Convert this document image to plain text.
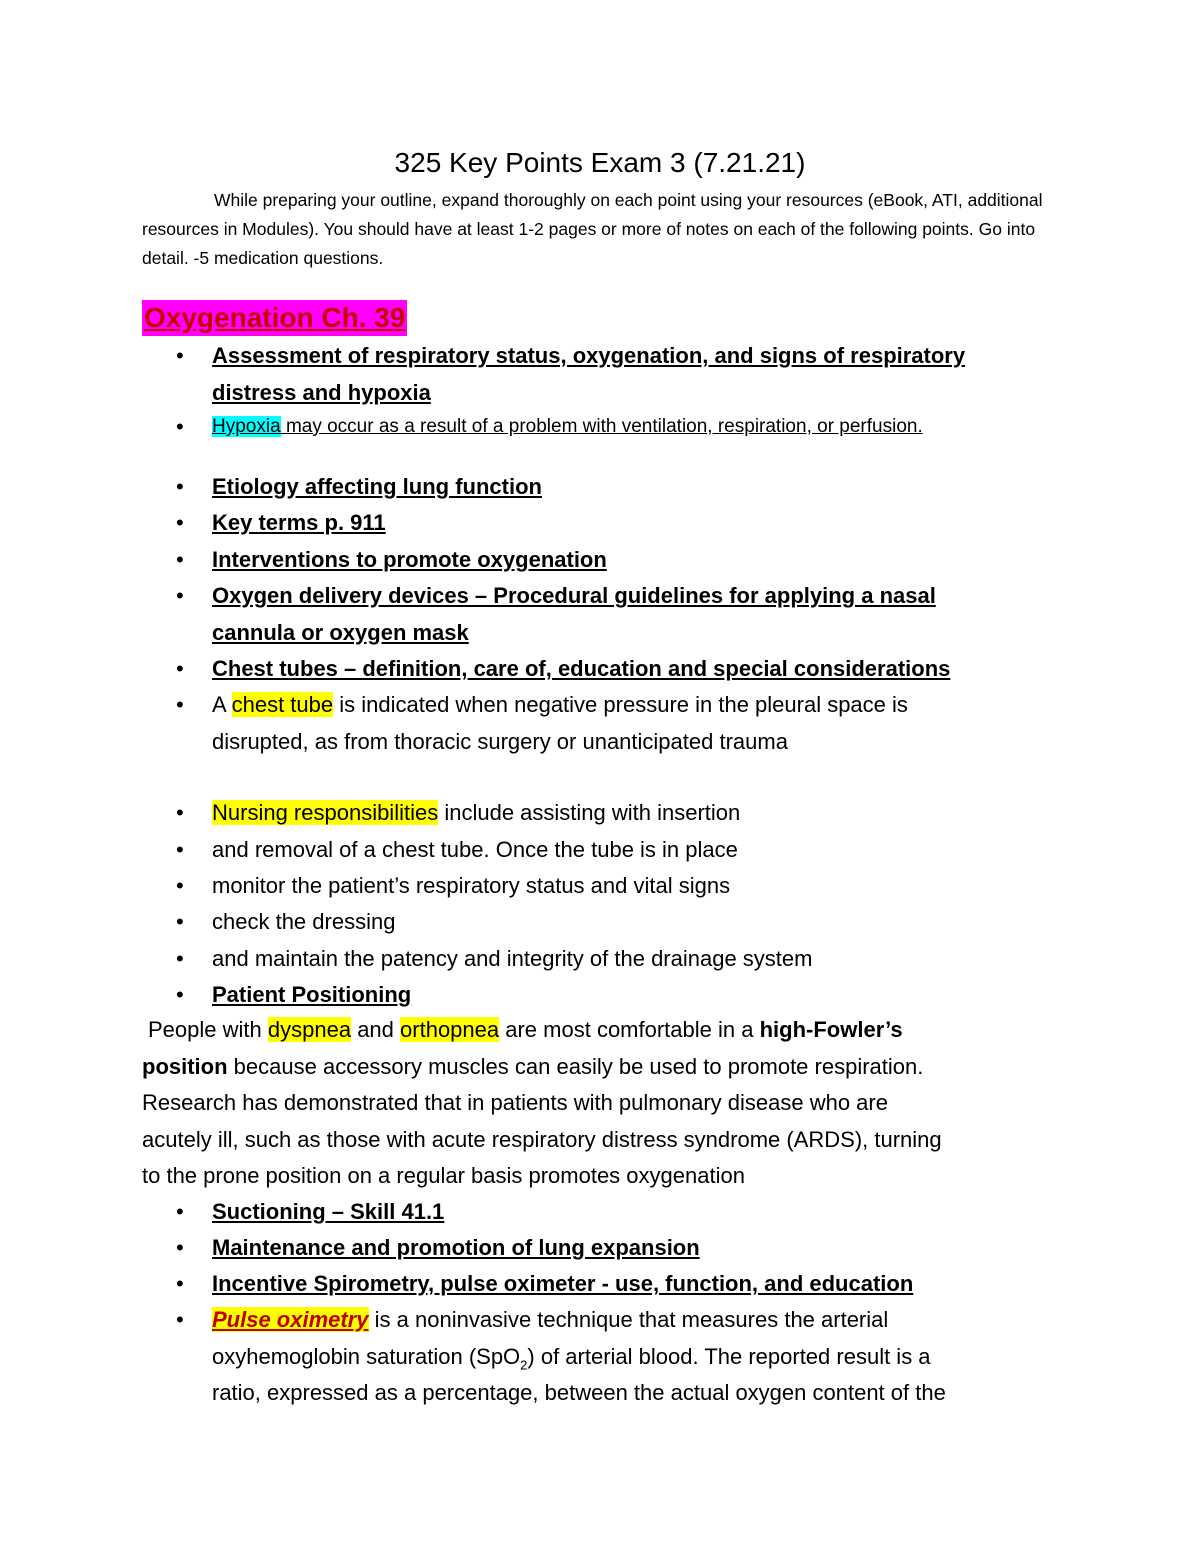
325 Key Points Exam 3 (7.21.21)
While preparing your outline, expand thoroughly on each point using your resources (eBook, ATI, additional resources in Modules). You should have at least 1-2 pages or more of notes on each of the following points. Go into detail. -5 medication questions.
Oxygenation Ch. 39
• Assessment of respiratory status, oxygenation, and signs of respiratory
distress and hypoxia
• Hypoxia may occur as a result of a problem with ventilation, respiration, or perfusion.
• Etiology affecting lung function
• Key terms p. 911
• Interventions to promote oxygenation
• Oxygen delivery devices – Procedural guidelines for applying a nasal
cannula or oxygen mask
• Chest tubes – definition, care of, education and special considerations
• A chest tube is indicated when negative pressure in the pleural space is
disrupted, as from thoracic surgery or unanticipated trauma
• Nursing responsibilities include assisting with insertion
• and removal of a chest tube. Once the tube is in place
• monitor the patient’s respiratory status and vital signs
• check the dressing
• and maintain the patency and integrity of the drainage system
• Patient Positioning
People with dyspnea and orthopnea are most comfortable in a high-Fowler’s
position because accessory muscles can easily be used to promote respiration.
Research has demonstrated that in patients with pulmonary disease who are
acutely ill, such as those with acute respiratory distress syndrome (ARDS), turning
to the prone position on a regular basis promotes oxygenation
• Suctioning – Skill 41.1
• Maintenance and promotion of lung expansion
• Incentive Spirometry, pulse oximeter - use, function, and education
• Pulse oximetry is a noninvasive technique that measures the arterial
oxyhemoglobin saturation (SpO$_2$) of arterial blood. The reported result is a
ratio, expressed as a percentage, between the actual oxygen content of the
